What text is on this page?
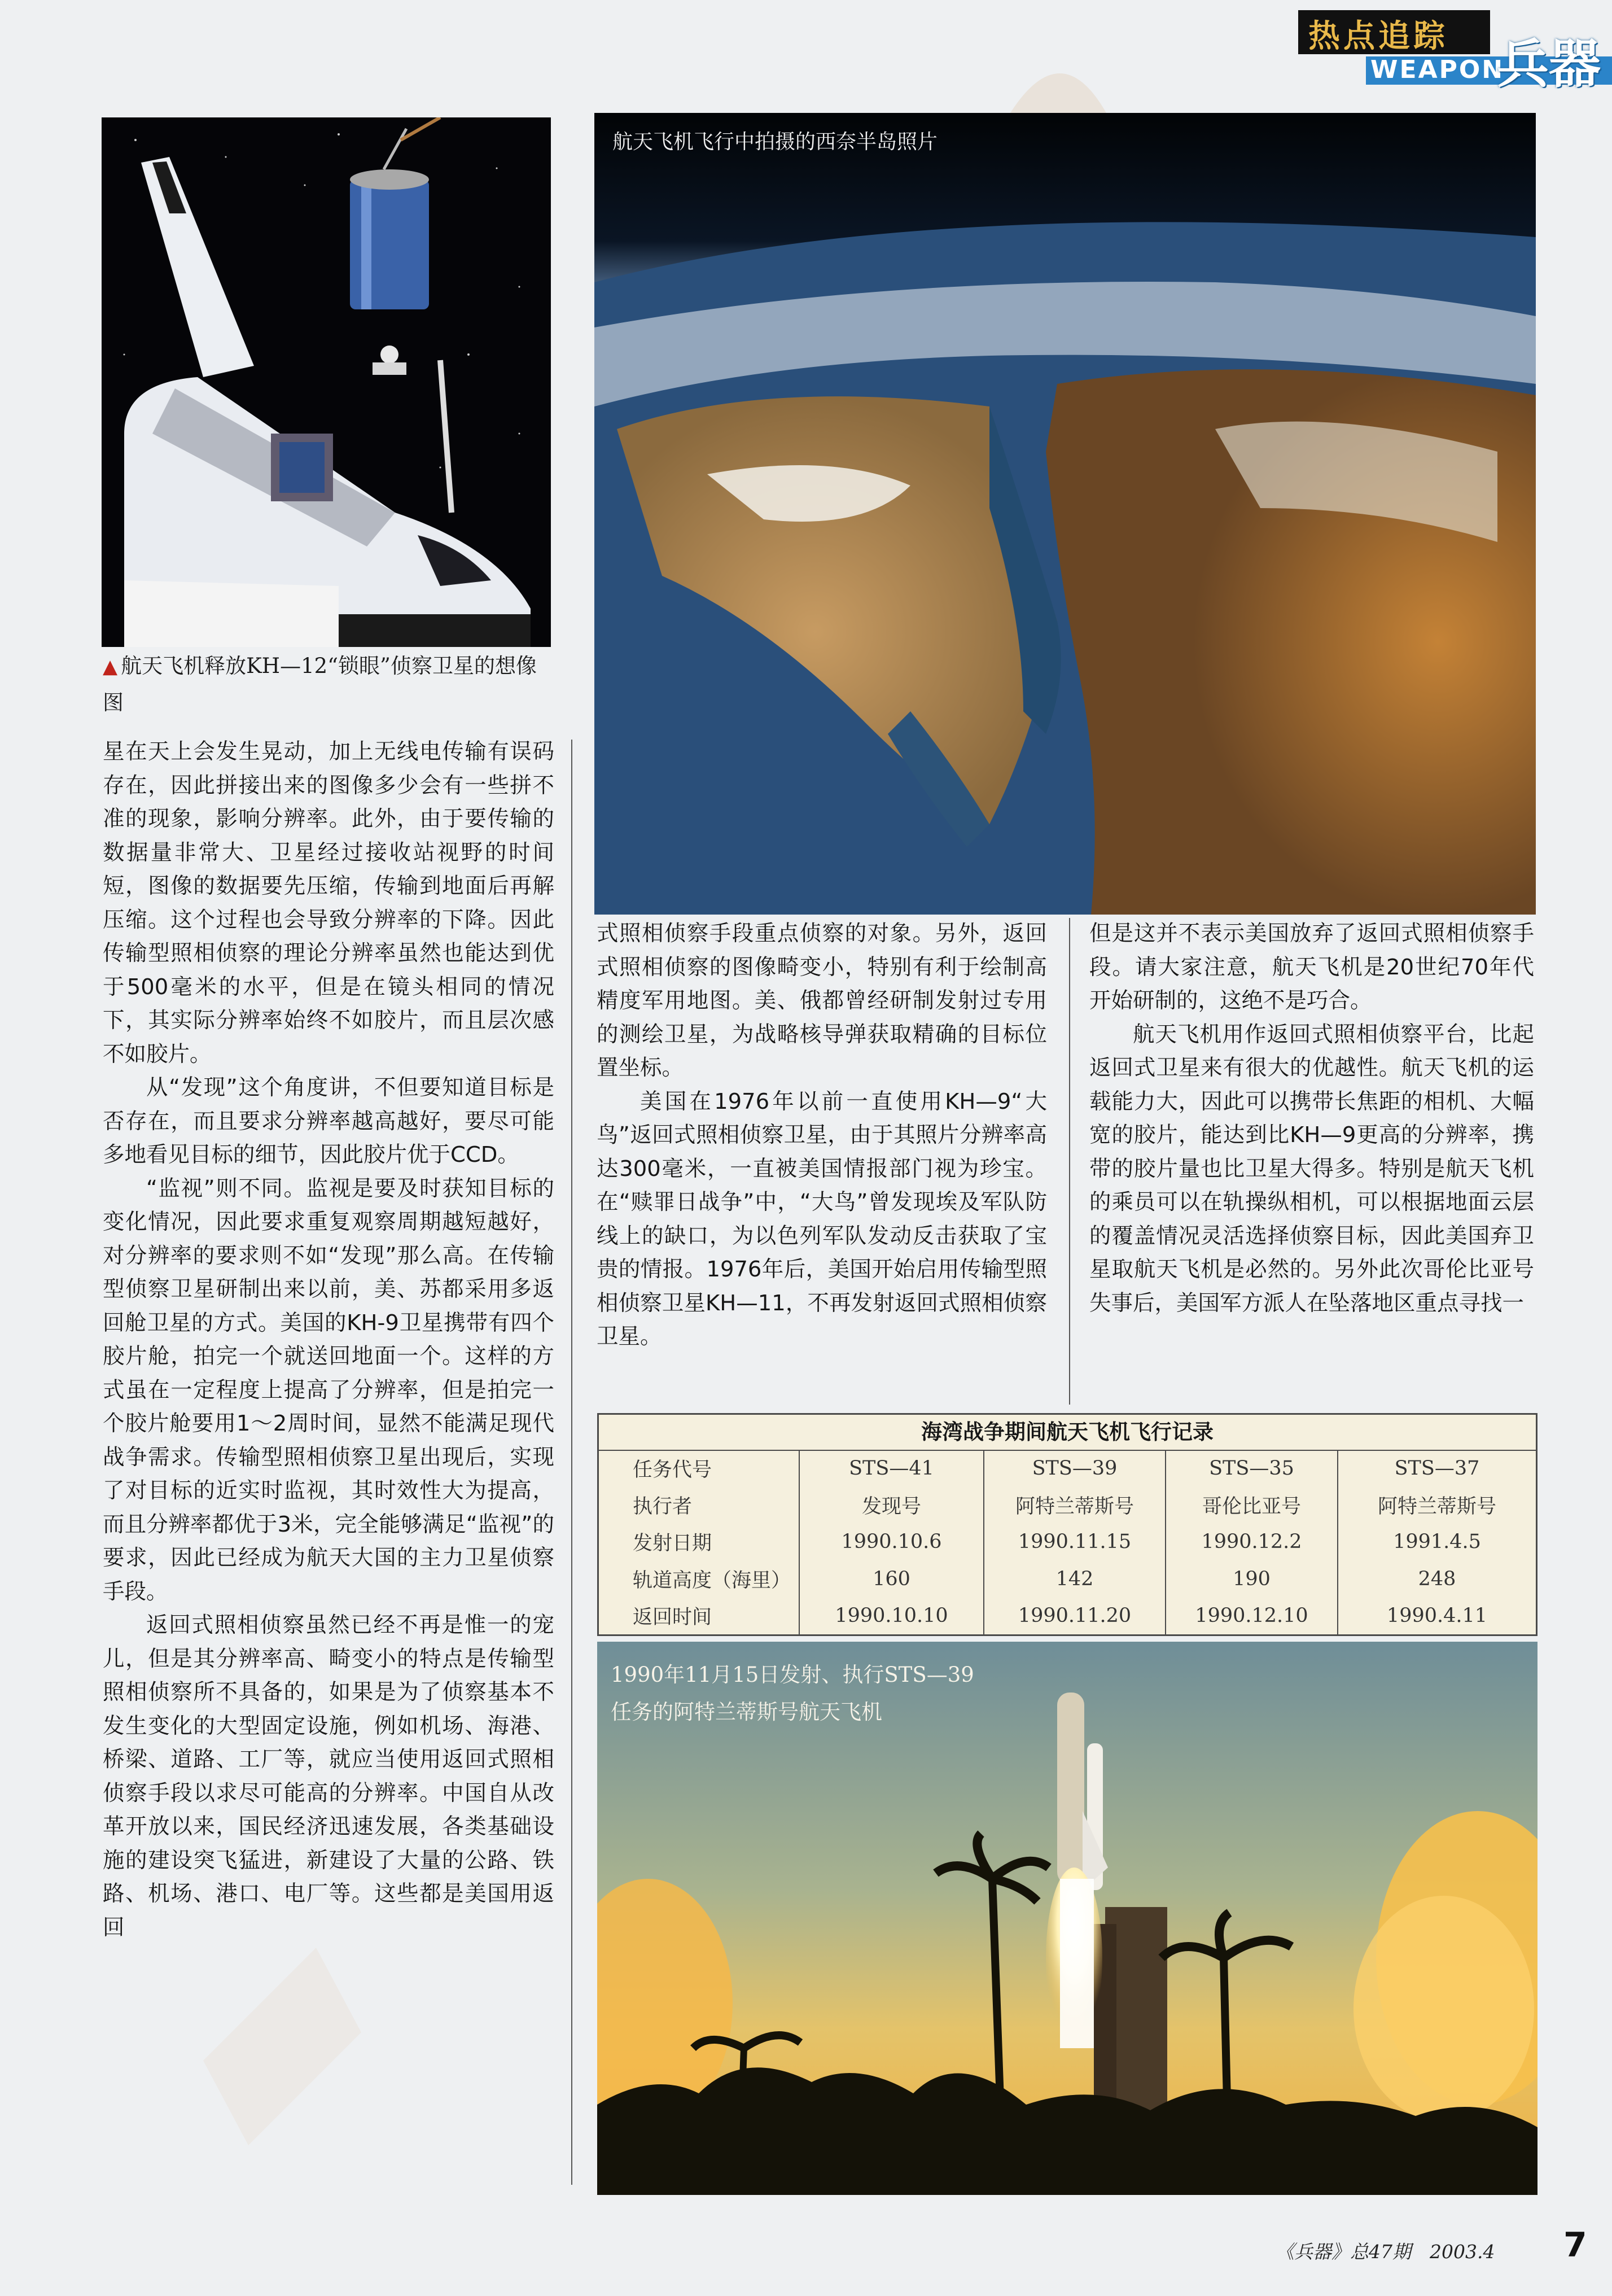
热点追踪
WEAPON
兵器
▲ 航天飞机释放KH—12“锁眼”侦察卫星的想像图
航天飞机飞行中拍摄的西奈半岛照片

星在天上会发生晃动，加上无线电传输有误码存在，因此拼接出来的图像多少会有一些拼不准的现象，影响分辨率。此外，由于要传输的数据量非常大、卫星经过接收站视野的时间短，图像的数据要先压缩，传输到地面后再解压缩。这个过程也会导致分辨率的下降。因此传输型照相侦察的理论分辨率虽然也能达到优于500毫米的水平，但是在镜头相同的情况下，其实际分辨率始终不如胶片，而且层次感不如胶片。

从“发现”这个角度讲，不但要知道目标是否存在，而且要求分辨率越高越好，要尽可能多地看见目标的细节，因此胶片优于CCD。

“监视”则不同。监视是要及时获知目标的变化情况，因此要求重复观察周期越短越好，对分辨率的要求则不如“发现”那么高。在传输型侦察卫星研制出来以前，美、苏都采用多返回舱卫星的方式。美国的KH-9卫星携带有四个胶片舱，拍完一个就送回地面一个。这样的方式虽在一定程度上提高了分辨率，但是拍完一个胶片舱要用1～2周时间，显然不能满足现代战争需求。传输型照相侦察卫星出现后，实现了对目标的近实时监视，其时效性大为提高，而且分辨率都优于3米，完全能够满足“监视”的要求，因此已经成为航天大国的主力卫星侦察手段。

返回式照相侦察虽然已经不再是惟一的宠儿，但是其分辨率高、畸变小的特点是传输型照相侦察所不具备的，如果是为了侦察基本不发生变化的大型固定设施，例如机场、海港、桥梁、道路、工厂等，就应当使用返回式照相侦察手段以求尽可能高的分辨率。中国自从改革开放以来，国民经济迅速发展，各类基础设施的建设突飞猛进，新建设了大量的公路、铁路、机场、港口、电厂等。这些都是美国用返回

式照相侦察手段重点侦察的对象。另外，返回式照相侦察的图像畸变小，特别有利于绘制高精度军用地图。美、俄都曾经研制发射过专用的测绘卫星，为战略核导弹获取精确的目标位置坐标。

美国在1976年以前一直使用KH—9“大鸟”返回式照相侦察卫星，由于其照片分辨率高达300毫米，一直被美国情报部门视为珍宝。在“赎罪日战争”中，“大鸟”曾发现埃及军队防线上的缺口，为以色列军队发动反击获取了宝贵的情报。1976年后，美国开始启用传输型照相侦察卫星KH—11，不再发射返回式照相侦察卫星。

但是这并不表示美国放弃了返回式照相侦察手段。请大家注意，航天飞机是20世纪70年代开始研制的，这绝不是巧合。

航天飞机用作返回式照相侦察平台，比起返回式卫星来有很大的优越性。航天飞机的运载能力大，因此可以携带长焦距的相机、大幅宽的胶片，能达到比KH—9更高的分辨率，携带的胶片量也比卫星大得多。特别是航天飞机的乘员可以在轨操纵相机，可以根据地面云层的覆盖情况灵活选择侦察目标，因此美国弃卫星取航天飞机是必然的。另外此次哥伦比亚号失事后，美国军方派人在坠落地区重点寻找一

海湾战争期间航天飞机飞行记录
任务代号	STS—41	STS—39	STS—35	STS—37
执行者	发现号	阿特兰蒂斯号	哥伦比亚号	阿特兰蒂斯号
发射日期	1990.10.6	1990.11.15	1990.12.2	1991.4.5
轨道高度（海里）	160	142	190	248
返回时间	1990.10.10	1990.11.20	1990.12.10	1990.4.11
1990年11月15日发射、执行STS—39
任务的阿特兰蒂斯号航天飞机
《兵器》总47期　2003.4 7
